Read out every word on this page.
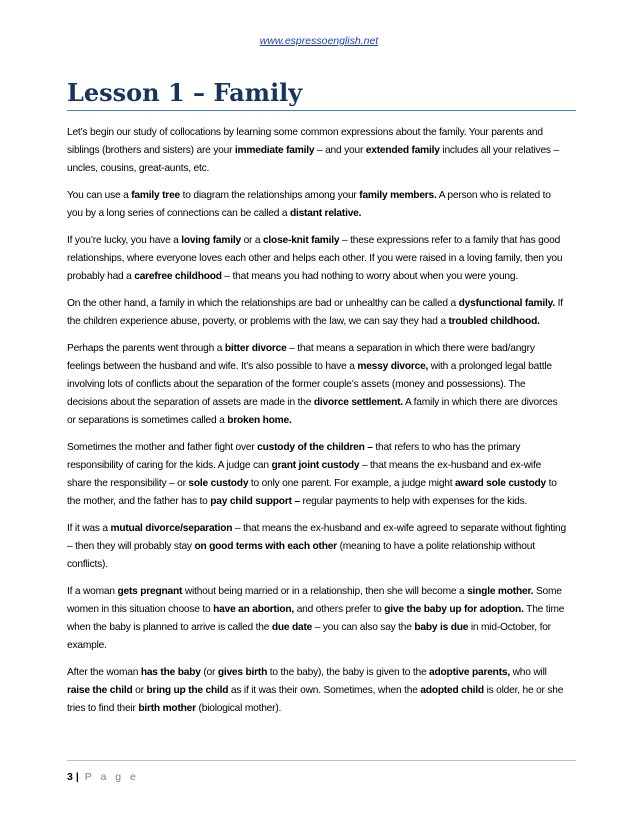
www.espressoenglish.net
Lesson 1 – Family

Let’s begin our study of collocations by learning some common expressions about the family. Your parents and siblings (brothers and sisters) are your immediate family – and your extended family includes all your relatives – uncles, cousins, great-aunts, etc.

You can use a family tree to diagram the relationships among your family members. A person who is related to you by a long series of connections can be called a distant relative.

If you’re lucky, you have a loving family or a close-knit family – these expressions refer to a family that has good relationships, where everyone loves each other and helps each other. If you were raised in a loving family, then you probably had a carefree childhood – that means you had nothing to worry about when you were young.

On the other hand, a family in which the relationships are bad or unhealthy can be called a dysfunctional family. If the children experience abuse, poverty, or problems with the law, we can say they had a troubled childhood.

Perhaps the parents went through a bitter divorce – that means a separation in which there were bad/angry feelings between the husband and wife. It’s also possible to have a messy divorce, with a prolonged legal battle involving lots of conflicts about the separation of the former couple’s assets (money and possessions). The decisions about the separation of assets are made in the divorce settlement. A family in which there are divorces or separations is sometimes called a broken home.

Sometimes the mother and father fight over custody of the children – that refers to who has the primary responsibility of caring for the kids. A judge can grant joint custody – that means the ex-husband and ex-wife share the responsibility – or sole custody to only one parent. For example, a judge might award sole custody to the mother, and the father has to pay child support – regular payments to help with expenses for the kids.

If it was a mutual divorce/separation – that means the ex-husband and ex-wife agreed to separate without fighting – then they will probably stay on good terms with each other (meaning to have a polite relationship without conflicts).

If a woman gets pregnant without being married or in a relationship, then she will become a single mother. Some women in this situation choose to have an abortion, and others prefer to give the baby up for adoption. The time when the baby is planned to arrive is called the due date – you can also say the baby is due in mid-October, for example.

After the woman has the baby (or gives birth to the baby), the baby is given to the adoptive parents, who will raise the child or bring up the child as if it was their own. Sometimes, when the adopted child is older, he or she tries to find their birth mother (biological mother).

3 | P a g e
